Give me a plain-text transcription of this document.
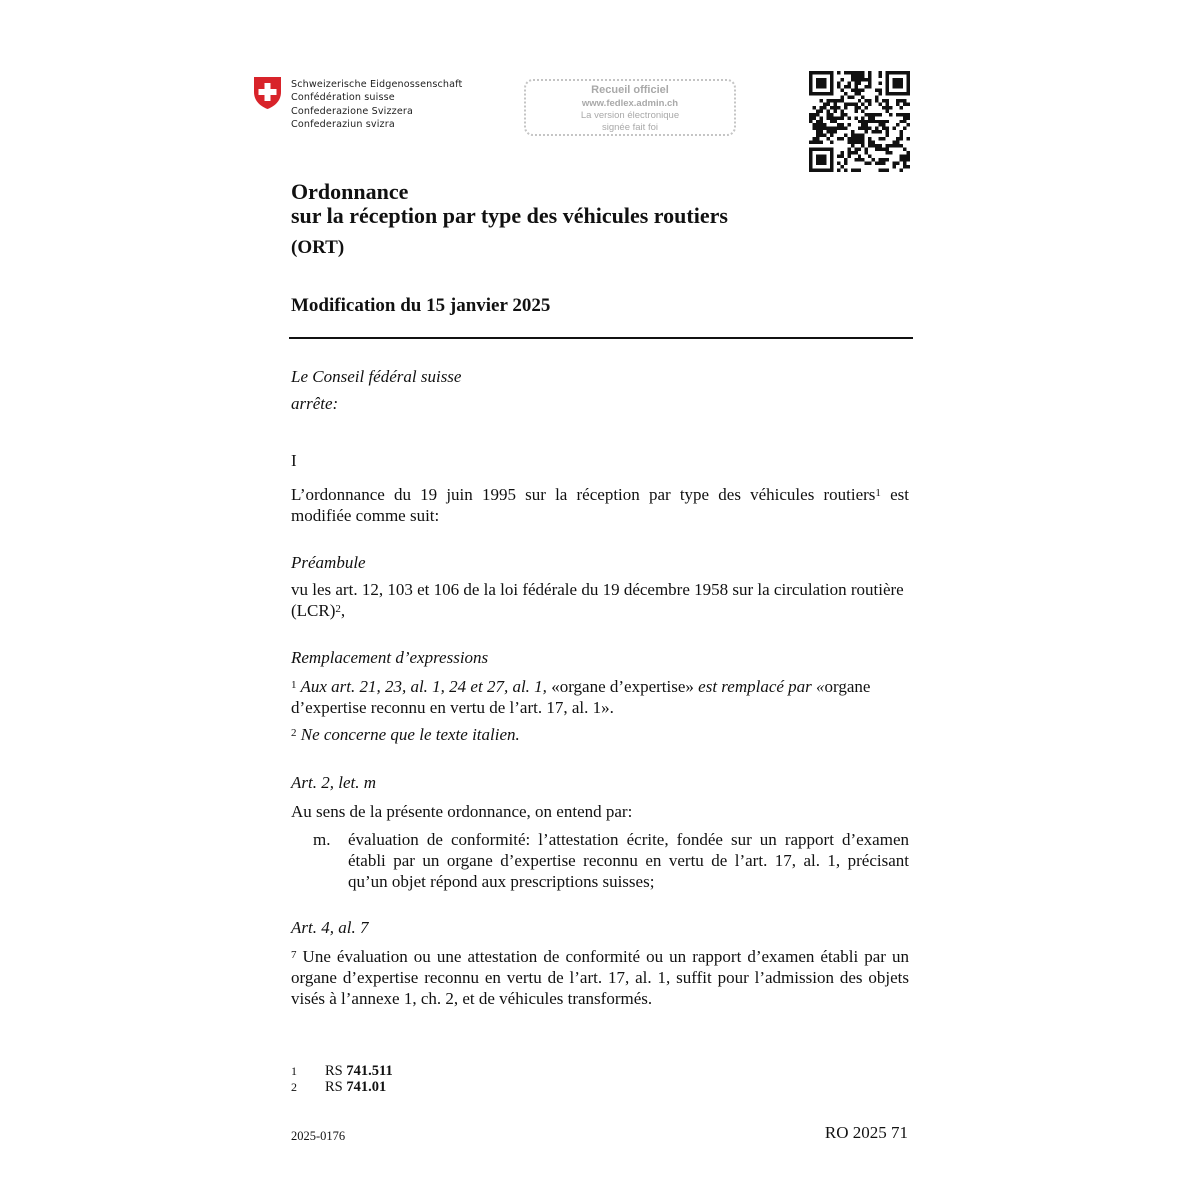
Schweizerische Eidgenossenschaft
Confédération suisse
Confederazione Svizzera
Confederaziun svizra
Recueil officiel
www.fedlex.admin.ch
La version électronique
signée fait foi
Ordonnance
sur la réception par type des véhicules routiers
(ORT)
Modification du 15 janvier 2025
Le Conseil fédéral suisse
arrête:
I
L’ordonnance du 19 juin 1995 sur la réception par type des véhicules routiers$^1$ est modifiée comme suit:
Préambule
vu les art. 12, 103 et 106 de la loi fédérale du 19 décembre 1958 sur la circulation routière (LCR)$^2$,
Remplacement d’expressions
$^1$ Aux art. 21, 23, al. 1, 24 et 27, al. 1, «organe d’expertise» est remplacé par «organe d’expertise reconnu en vertu de l’art. 17, al. 1».
$^2$ Ne concerne que le texte italien.
Art. 2, let. m
Au sens de la présente ordonnance, on entend par:
m. évaluation de conformité: l’attestation écrite, fondée sur un rapport d’examen établi par un organe d’expertise reconnu en vertu de l’art. 17, al. 1, précisant qu’un objet répond aux prescriptions suisses;
Art. 4, al. 7
$^7$ Une évaluation ou une attestation de conformité ou un rapport d’examen établi par un organe d’expertise reconnu en vertu de l’art. 17, al. 1, suffit pour l’admission des objets visés à l’annexe 1, ch. 2, et de véhicules transformés.
1 RS 741.511
2 RS 741.01
2025-0176	RO 2025 71
